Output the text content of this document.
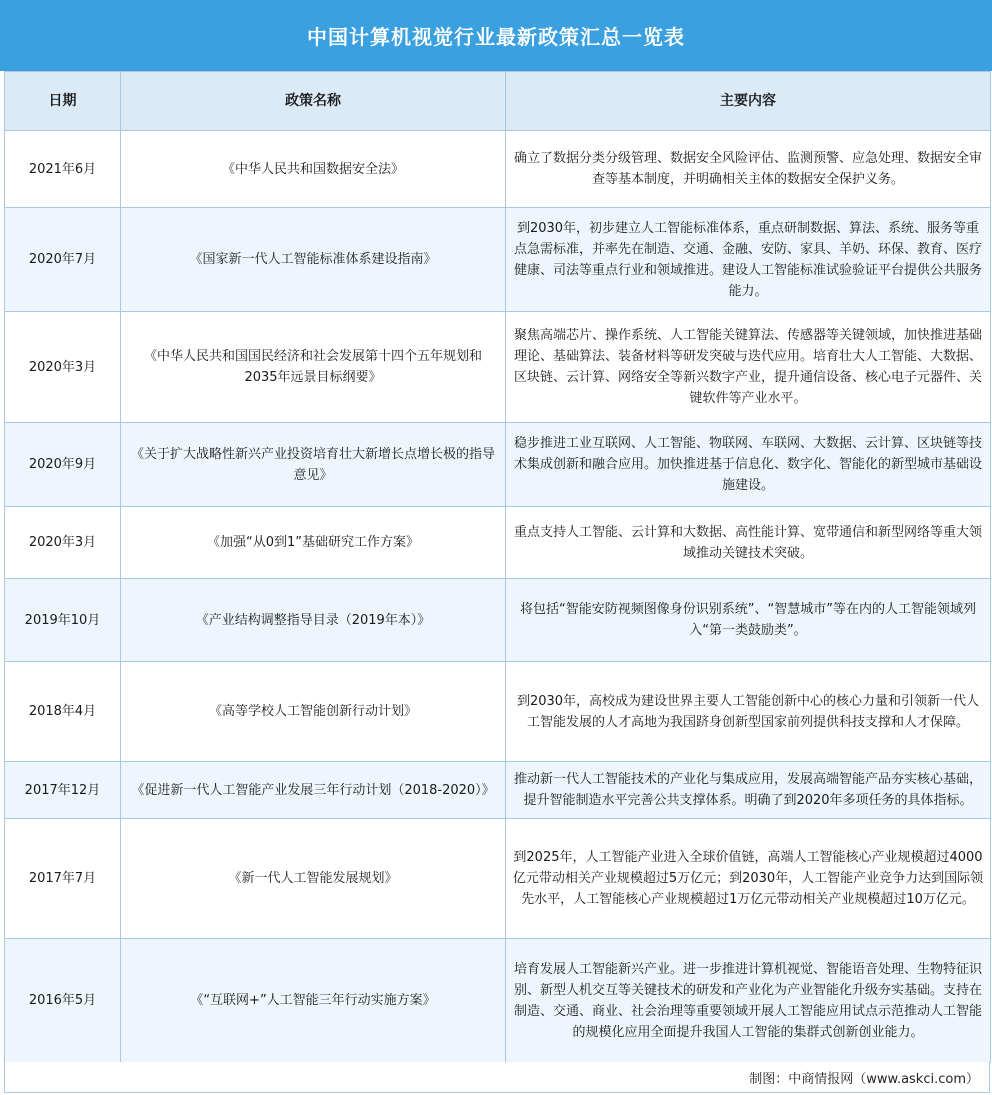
中国计算机视觉行业最新政策汇总一览表
日期	政策名称	主要内容
2021年6月	《中华人民共和国数据安全法》	确立了数据分类分级管理、数据安全风险评估、监测预警、应急处理、数据安全审查等基本制度，并明确相关主体的数据安全保护义务。
2020年7月	《国家新一代人工智能标准体系建设指南》	到2030年，初步建立人工智能标准体系，重点研制数据、算法、系统、服务等重点急需标准，并率先在制造、交通、金融、安防、家具、羊奶、环保、教育、医疗健康、司法等重点行业和领域推进。建设人工智能标准试验验证平台提供公共服务能力。
2020年3月	《中华人民共和国国民经济和社会发展第十四个五年规划和2035年远景目标纲要》	聚焦高端芯片、操作系统、人工智能关键算法、传感器等关键领域，加快推进基础理论、基础算法、装备材料等研发突破与迭代应用。培育壮大人工智能、大数据、区块链、云计算、网络安全等新兴数字产业，提升通信设备、核心电子元器件、关键软件等产业水平。
2020年9月	《关于扩大战略性新兴产业投资培育壮大新增长点增长极的指导意见》	稳步推进工业互联网、人工智能、物联网、车联网、大数据、云计算、区块链等技术集成创新和融合应用。加快推进基于信息化、数字化、智能化的新型城市基础设施建设。
2020年3月	《加强“从0到1”基础研究工作方案》	重点支持人工智能、云计算和大数据、高性能计算、宽带通信和新型网络等重大领域推动关键技术突破。
2019年10月	《产业结构调整指导目录（2019年本）》	将包括“智能安防视频图像身份识别系统”、“智慧城市”等在内的人工智能领域列入“第一类鼓励类”。
2018年4月	《高等学校人工智能创新行动计划》	到2030年，高校成为建设世界主要人工智能创新中心的核心力量和引领新一代人工智能发展的人才高地为我国跻身创新型国家前列提供科技支撑和人才保障。
2017年12月	《促进新一代人工智能产业发展三年行动计划（2018-2020）》	推动新一代人工智能技术的产业化与集成应用，发展高端智能产品夯实核心基础，提升智能制造水平完善公共支撑体系。明确了到2020年多项任务的具体指标。
2017年7月	《新一代人工智能发展规划》	到2025年，人工智能产业进入全球价值链，高端人工智能核心产业规模超过4000亿元带动相关产业规模超过5万亿元；到2030年，人工智能产业竞争力达到国际领先水平，人工智能核心产业规模超过1万亿元带动相关产业规模超过10万亿元。
2016年5月	《“互联网+”人工智能三年行动实施方案》	培育发展人工智能新兴产业。进一步推进计算机视觉、智能语音处理、生物特征识别、新型人机交互等关键技术的研发和产业化为产业智能化升级夯实基础。支持在制造、交通、商业、社会治理等重要领域开展人工智能应用试点示范推动人工智能的规模化应用全面提升我国人工智能的集群式创新创业能力。
制图：中商情报网（www.askci.com）
